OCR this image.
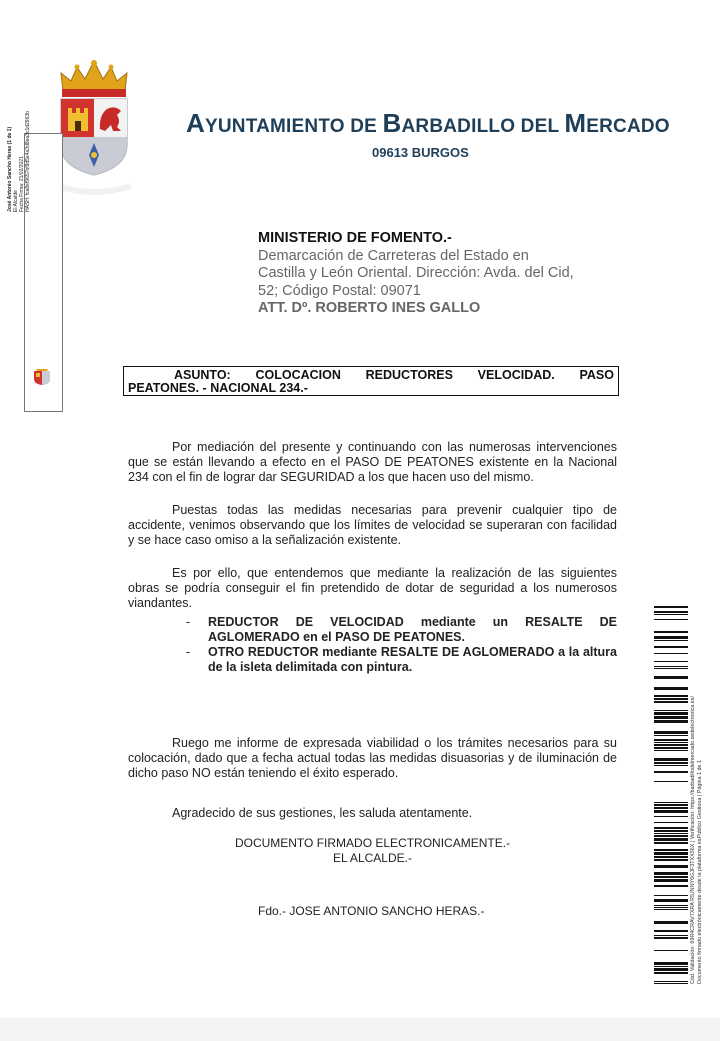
AYUNTAMIENTO DE BARBADILLO DEL MERCADO
09613 BURGOS
José Antonio Sancho Heras (1 de 1) El Alcalde Fecha Firma: 21/02/2021 HASH: fca8ef9657bf9d5e4a3d8ea3c1d2963b
MINISTERIO DE FOMENTO.-
Demarcación de Carreteras del Estado en
Castilla y León Oriental. Dirección: Avda. del Cid,
52; Código Postal: 09071
ATT. Dº. ROBERTO INES GALLO
ASUNTO: COLOCACION REDUCTORES VELOCIDAD. PASO
PEATONES. - NACIONAL 234.-

Por mediación del presente y continuando con las numerosas intervenciones que se están llevando a efecto en el PASO DE PEATONES existente en la Nacional 234 con el fin de lograr dar SEGURIDAD a los que hacen uso del mismo.

Puestas todas las medidas necesarias para prevenir cualquier tipo de accidente, venimos observando que los límites de velocidad se superaran con facilidad y se hace caso omiso a la señalización existente.

Es por ello, que entendemos que mediante la realización de las siguientes obras se podría conseguir el fin pretendido de dotar de seguridad a los numerosos viandantes.

- REDUCTOR DE VELOCIDAD mediante un RESALTE DE AGLOMERADO en el PASO DE PEATONES.
- OTRO REDUCTOR mediante RESALTE DE AGLOMERADO a la altura de la isleta delimitada con pintura.

Ruego me informe de expresada viabilidad o los trámites necesarios para su colocación, dado que a fecha actual todas las medidas disuasorias y de iluminación de dicho paso NO están teniendo el éxito esperado.

Agradecido de sus gestiones, les saluda atentamente.
DOCUMENTO FIRMADO ELECTRONICAMENTE.-
EL ALCALDE.-
Fdo.- JOSE ANTONIO SANCHO HERAS.-	Cód. Validación: 69R4CRAV7XRA R5JNNY6GJF3TXX56X | Verificación: https://barbadillodelmercado.sedelectronica.es/ Documento firmado electrónicamente desde la plataforma esPublico Gestiona | Página 1 de 1
